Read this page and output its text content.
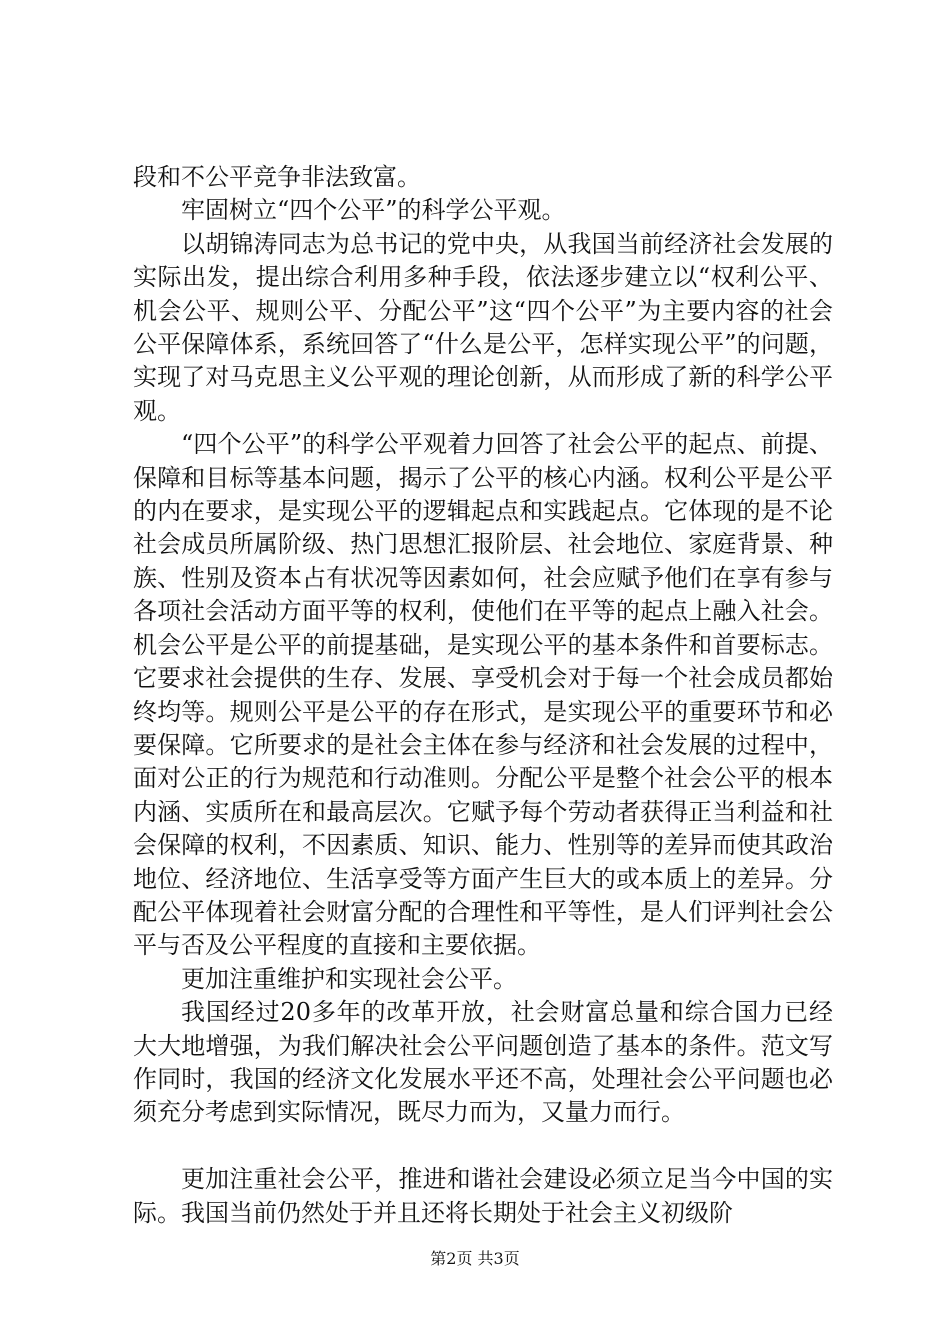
段和不公平竞争非法致富。

牢固树立“四个公平”的科学公平观。

以胡锦涛同志为总书记的党中央，从我国当前经济社会发展的实际出发，提出综合利用多种手段，依法逐步建立以“权利公平、机会公平、规则公平、分配公平”这“四个公平”为主要内容的社会公平保障体系，系统回答了“什么是公平，怎样实现公平”的问题，实现了对马克思主义公平观的理论创新，从而形成了新的科学公平观。

“四个公平”的科学公平观着力回答了社会公平的起点、前提、保障和目标等基本问题，揭示了公平的核心内涵。权利公平是公平的内在要求，是实现公平的逻辑起点和实践起点。它体现的是不论社会成员所属阶级、热门思想汇报阶层、社会地位、家庭背景、种族、性别及资本占有状况等因素如何，社会应赋予他们在享有参与各项社会活动方面平等的权利，使他们在平等的起点上融入社会。机会公平是公平的前提基础，是实现公平的基本条件和首要标志。它要求社会提供的生存、发展、享受机会对于每一个社会成员都始终均等。规则公平是公平的存在形式，是实现公平的重要环节和必要保障。它所要求的是社会主体在参与经济和社会发展的过程中，面对公正的行为规范和行动准则。分配公平是整个社会公平的根本内涵、实质所在和最高层次。它赋予每个劳动者获得正当利益和社会保障的权利，不因素质、知识、能力、性别等的差异而使其政治地位、经济地位、生活享受等方面产生巨大的或本质上的差异。分配公平体现着社会财富分配的合理性和平等性，是人们评判社会公平与否及公平程度的直接和主要依据。

更加注重维护和实现社会公平。

我国经过20多年的改革开放，社会财富总量和综合国力已经大大地增强，为我们解决社会公平问题创造了基本的条件。范文写作同时，我国的经济文化发展水平还不高，处理社会公平问题也必须充分考虑到实际情况，既尽力而为，又量力而行。

更加注重社会公平，推进和谐社会建设必须立足当今中国的实际。我国当前仍然处于并且还将长期处于社会主义初级阶

第2页 共3页
